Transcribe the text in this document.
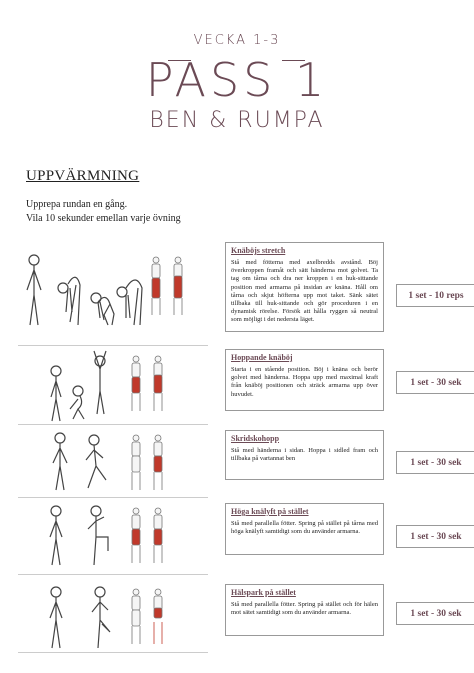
VECKA 1-3
PASS 1
BEN & RUMPA
UPPVÄRMNING
Upprepa rundan en gång.
Vila 10 sekunder emellan varje övning
Knäböjs stretch
Stå med fötterna med axelbredds avstånd. Böj överkroppen framåt och sätt händerna mot golvet. Ta tag om tårna och dra ner kroppen i en huk-sittande position med armarna på insidan av knäna. Håll om tårna och skjut höfterna upp mot taket. Sänk sätet tillbaka till huk-sittande och gör proceduren i en dynamisk rörelse. Försök att hålla ryggen så neutral som möjligt i det nedersta läget.
1 set - 10 reps
Hoppande knäböj
Starta i en stående position. Böj i knäna och berör golvet med händerna. Hoppa upp med maximal kraft från knäböj positionen och sträck armarna upp över huvudet.
1 set - 30 sek
Skridskohopp
Stå med händerna i sidan. Hoppa i sidled fram och tillbaka på vartannat ben	1 set - 30 sek
Höga knälyft på stället
Stå med parallella fötter. Spring på stället på tårna med höga knälyft samtidigt som du använder armarna.	1 set - 30 sek
Hälspark på stället
Stå med parallella fötter. Spring på stället och för hälen mot sätet samtidigt som du använder armarna.	1 set - 30 sek
